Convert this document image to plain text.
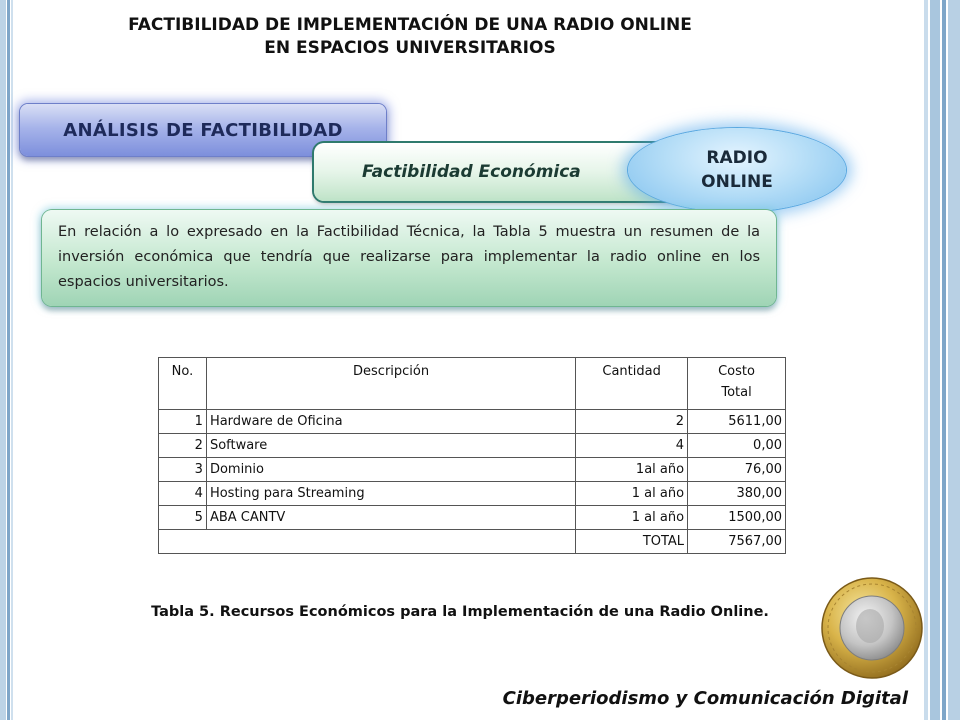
FACTIBILIDAD DE IMPLEMENTACIÓN DE UNA RADIO ONLINE
EN ESPACIOS UNIVERSITARIOS
ANÁLISIS DE FACTIBILIDAD
Factibilidad Económica
RADIO
ONLINE
En relación a lo expresado en la Factibilidad Técnica, la Tabla 5 muestra un resumen de la inversión económica que tendría que realizarse para implementar la radio online en los espacios universitarios.
No.	Descripción	Cantidad	Costo
Total

1	Hardware de Oficina	2	5611,00
2	Software	4	0,00
3	Dominio	1al año	76,00
4	Hosting para Streaming	1 al año	380,00
5	ABA CANTV	1 al año	1500,00
		TOTAL	7567,00
Tabla 5. Recursos Económicos para la Implementación de una Radio Online.
Ciberperiodismo y Comunicación Digital
